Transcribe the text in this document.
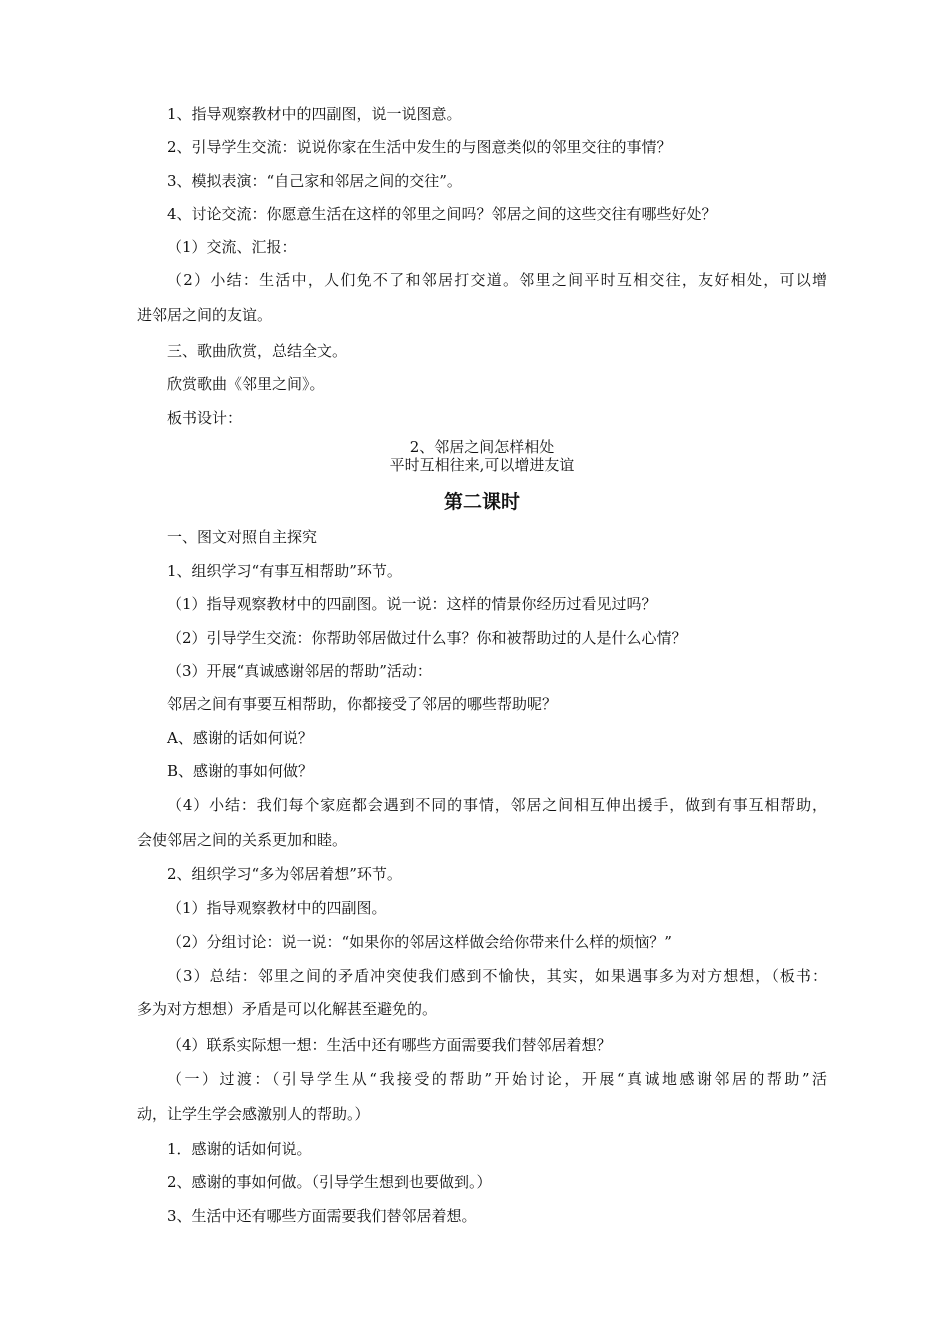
1、指导观察教材中的四副图，说一说图意。
2、引导学生交流：说说你家在生活中发生的与图意类似的邻里交往的事情？
3、模拟表演：“自己家和邻居之间的交往”。
4、讨论交流：你愿意生活在这样的邻里之间吗？邻居之间的这些交往有哪些好处？
（1）交流、汇报：
（2）小结：生活中，人们免不了和邻居打交道。邻里之间平时互相交往，友好相处，可以增
进邻居之间的友谊。
三、歌曲欣赏，总结全文。
欣赏歌曲《邻里之间》。
板书设计：
2、邻居之间怎样相处
平时互相往来,可以增进友谊
第二课时
一、图文对照自主探究
1、组织学习“有事互相帮助”环节。
（1）指导观察教材中的四副图。说一说：这样的情景你经历过看见过吗？
（2）引导学生交流：你帮助邻居做过什么事？你和被帮助过的人是什么心情？
（3）开展“真诚感谢邻居的帮助”活动：
邻居之间有事要互相帮助，你都接受了邻居的哪些帮助呢？
A、感谢的话如何说？
B、感谢的事如何做？
（4）小结：我们每个家庭都会遇到不同的事情，邻居之间相互伸出援手，做到有事互相帮助，
会使邻居之间的关系更加和睦。
2、组织学习“多为邻居着想”环节。
（1）指导观察教材中的四副图。
（2）分组讨论：说一说：“如果你的邻居这样做会给你带来什么样的烦恼？”
（3）总结：邻里之间的矛盾冲突使我们感到不愉快，其实，如果遇事多为对方想想，（板书：
多为对方想想）矛盾是可以化解甚至避免的。
（4）联系实际想一想：生活中还有哪些方面需要我们替邻居着想？
（一）过渡：（引导学生从“我接受的帮助”开始讨论，开展“真诚地感谢邻居的帮助”活
动，让学生学会感激别人的帮助。）
1．感谢的话如何说。
2、感谢的事如何做。（引导学生想到也要做到。）
3、生活中还有哪些方面需要我们替邻居着想。
